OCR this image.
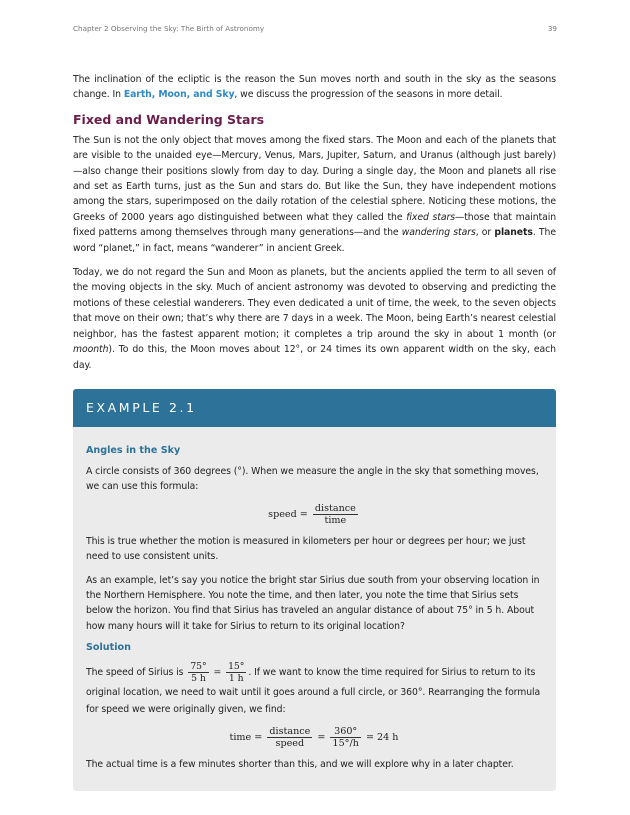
Chapter 2 Observing the Sky: The Birth of Astronomy	39

The inclination of the ecliptic is the reason the Sun moves north and south in the sky as the seasons change. In Earth, Moon, and Sky, we discuss the progression of the seasons in more detail.

Fixed and Wandering Stars

The Sun is not the only object that moves among the fixed stars. The Moon and each of the planets that are visible to the unaided eye—Mercury, Venus, Mars, Jupiter, Saturn, and Uranus (although just barely)—also change their positions slowly from day to day. During a single day, the Moon and planets all rise and set as Earth turns, just as the Sun and stars do. But like the Sun, they have independent motions among the stars, superimposed on the daily rotation of the celestial sphere. Noticing these motions, the Greeks of 2000 years ago distinguished between what they called the fixed stars—those that maintain fixed patterns among themselves through many generations—and the wandering stars, or planets. The word “planet,” in fact, means “wanderer” in ancient Greek.

Today, we do not regard the Sun and Moon as planets, but the ancients applied the term to all seven of the moving objects in the sky. Much of ancient astronomy was devoted to observing and predicting the motions of these celestial wanderers. They even dedicated a unit of time, the week, to the seven objects that move on their own; that’s why there are 7 days in a week. The Moon, being Earth’s nearest celestial neighbor, has the fastest apparent motion; it completes a trip around the sky in about 1 month (or moonth). To do this, the Moon moves about 12°, or 24 times its own apparent width on the sky, each day.

EXAMPLE 2.1
Angles in the Sky

A circle consists of 360 degrees (°). When we measure the angle in the sky that something moves, we can use this formula:

speed = $\frac{\text{distance}}{\text{time}}$

This is true whether the motion is measured in kilometers per hour or degrees per hour; we just need to use consistent units.

As an example, let’s say you notice the bright star Sirius due south from your observing location in the Northern Hemisphere. You note the time, and then later, you note the time that Sirius sets below the horizon. You find that Sirius has traveled an angular distance of about 75° in 5 h. About how many hours will it take for Sirius to return to its original location?

Solution

The speed of Sirius is $\frac{75^\circ}{5 h} = \frac{15^\circ}{1 h}$ . If we want to know the time required for Sirius to return to its original location, we need to wait until it goes around a full circle, or 360°. Rearranging the formula for speed we were originally given, we find:

time = $\frac{\text{distance}}{\text{speed}} = \frac{360^\circ}{15^\circ/h} = 24$ h

The actual time is a few minutes shorter than this, and we will explore why in a later chapter.
